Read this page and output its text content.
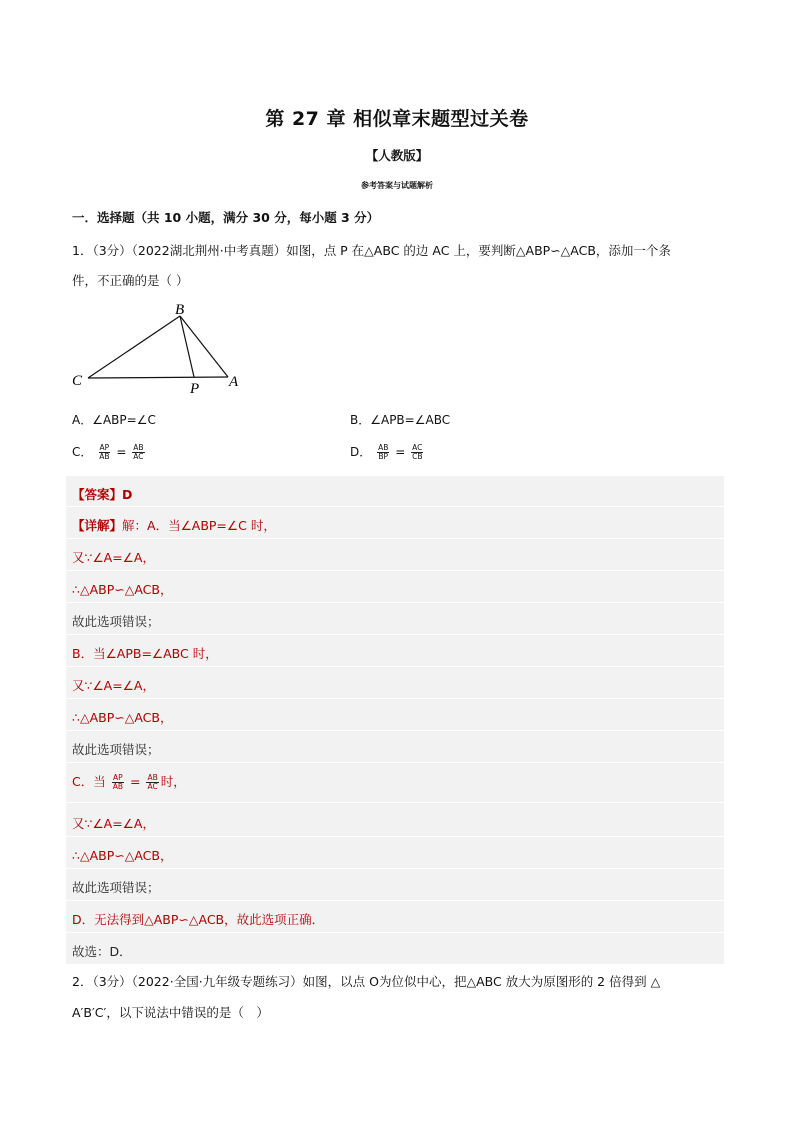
第 27 章 相似章末题型过关卷
【人教版】
参考答案与试题解析
一．选择题（共 10 小题，满分 30 分，每小题 3 分）
1．（3分）（2022湖北荆州·中考真题）如图，点 P 在△ABC 的边 AC 上，要判断△ABP∽△ACB，添加一个条
件，不正确的是（ ）
B
C	P A
A．∠ABP=∠C	B．∠APB=∠ABC
C． $\frac{AP}{AB} = \frac{AB}{AC}$	D． $\frac{AB}{BP} = \frac{AC}{CB}$
【答案】D
【详解】解：A．当∠ABP=∠C 时，
又∵∠A=∠A，
∴△ABP∽△ACB，
故此选项错误；
B．当∠APB=∠ABC 时，
又∵∠A=∠A，
∴△ABP∽△ACB，
故此选项错误；
C．当 $\frac{AP}{AB} = \frac{AB}{AC}$ 时，
又∵∠A=∠A，
∴△ABP∽△ACB，
故此选项错误；
D．无法得到△ABP∽△ACB，故此选项正确．
故选：D．
2．（3分）（2022·全国·九年级专题练习）如图，以点 O为位似中心，把△ABC 放大为原图形的 2 倍得到 △
A′B′C′，以下说法中错误的是（　）
